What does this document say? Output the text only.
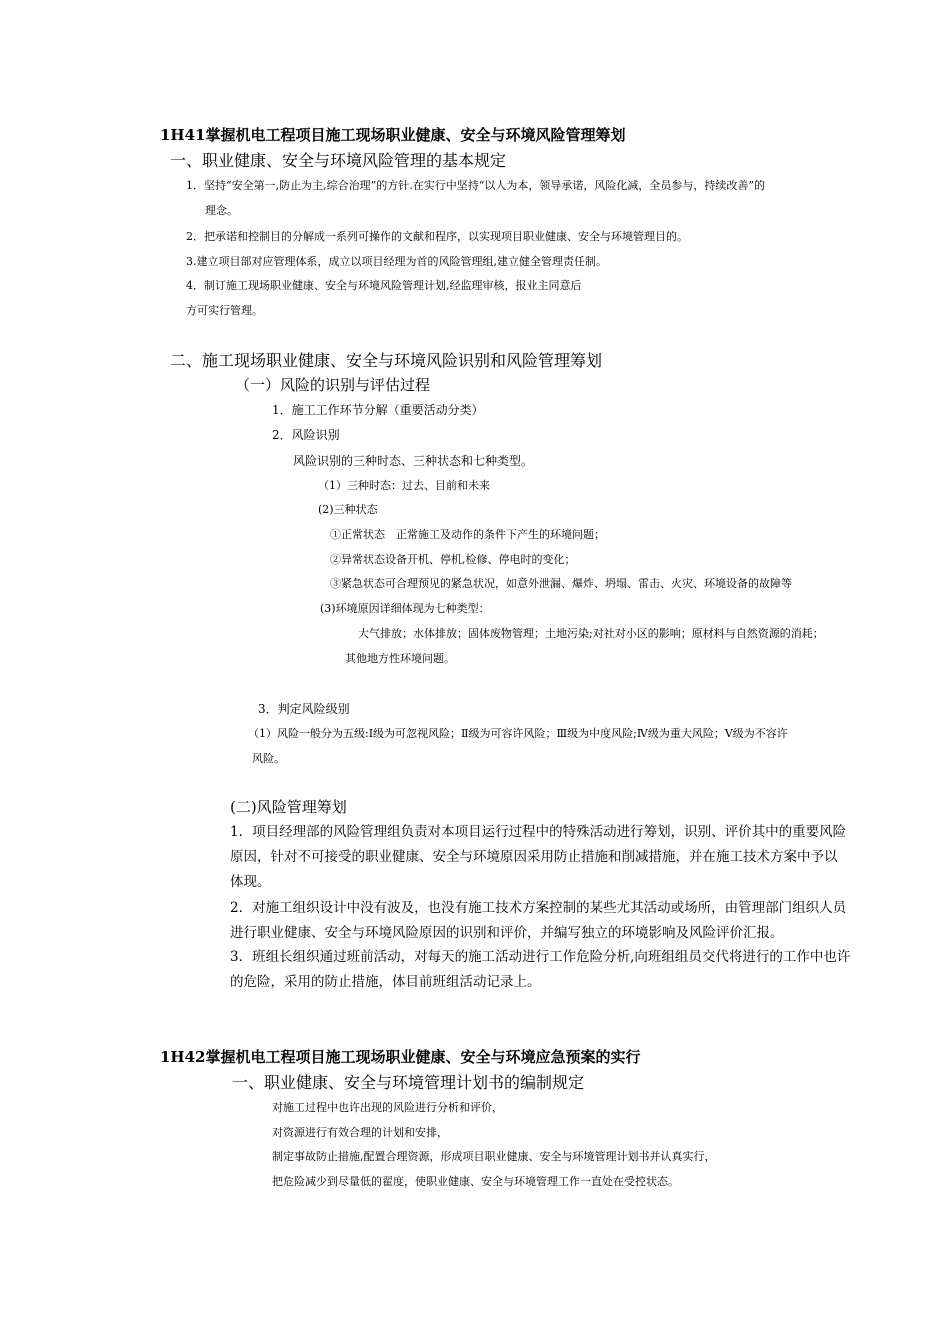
1H41掌握机电工程项目施工现场职业健康、安全与环境风险管理筹划
一、职业健康、安全与环境风险管理的基本规定
1．坚持“安全第一,防止为主,综合治理”的方针.在实行中坚持“以人为本，领导承诺，风险化减，全员参与，持续改善”的
理念。
2．把承诺和控制目的分解成一系列可操作的文献和程序，以实现项目职业健康、安全与环境管理目的。
3.建立项目部对应管理体系，成立以项目经理为首的风险管理组,建立健全管理责任制。
4．制订施工现场职业健康、安全与环境风险管理计划,经监理审核，报业主同意后
方可实行管理。
二、施工现场职业健康、安全与环境风险识别和风险管理筹划
（一）风险的识别与评估过程
1．施工工作环节分解（重要活动分类）
2．风险识别
风险识别的三种时态、三种状态和七种类型。
（1）三种时态：过去、目前和未来
(2)三种状态
①正常状态　正常施工及动作的条件下产生的环境问题；
②异常状态设备开机、停机,检修、停电时的变化；
③紧急状态可合理预见的紧急状况，如意外泄漏、爆炸、坍塌、雷击、火灾、环境设备的故障等
(3)环境原因详细体现为七种类型：
大气排放；水体排放；固体废物管理；土地污染;对社对小区的影响；原材料与自然资源的消耗；
其他地方性环境问题。
3．判定风险级别
（1）风险一般分为五级:Ⅰ级为可忽视风险；Ⅱ级为可容许风险；Ⅲ级为中度风险;Ⅳ级为重大风险；Ⅴ级为不容许
风险。
(二)风险管理筹划
1．项目经理部的风险管理组负责对本项目运行过程中的特殊活动进行筹划，识别、评价其中的重要风险
原因，针对不可接受的职业健康、安全与环境原因采用防止措施和削减措施，并在施工技术方案中予以
体现。
2．对施工组织设计中没有波及，也没有施工技术方案控制的某些尤其活动或场所，由管理部门组织人员
进行职业健康、安全与环境风险原因的识别和评价，并编写独立的环境影响及风险评价汇报。
3．班组长组织通过班前活动，对每天的施工活动进行工作危险分析,向班组组员交代将进行的工作中也许
的危险，采用的防止措施，体目前班组活动记录上。
1H42掌握机电工程项目施工现场职业健康、安全与环境应急预案的实行
一、职业健康、安全与环境管理计划书的编制规定
对施工过程中也许出现的风险进行分析和评价，
对资源进行有效合理的计划和安排，
制定事故防止措施,配置合理资源，形成项目职业健康、安全与环境管理计划书并认真实行，
把危险减少到尽量低的翟度，使职业健康、安全与环境管理工作一直处在受控状态。
